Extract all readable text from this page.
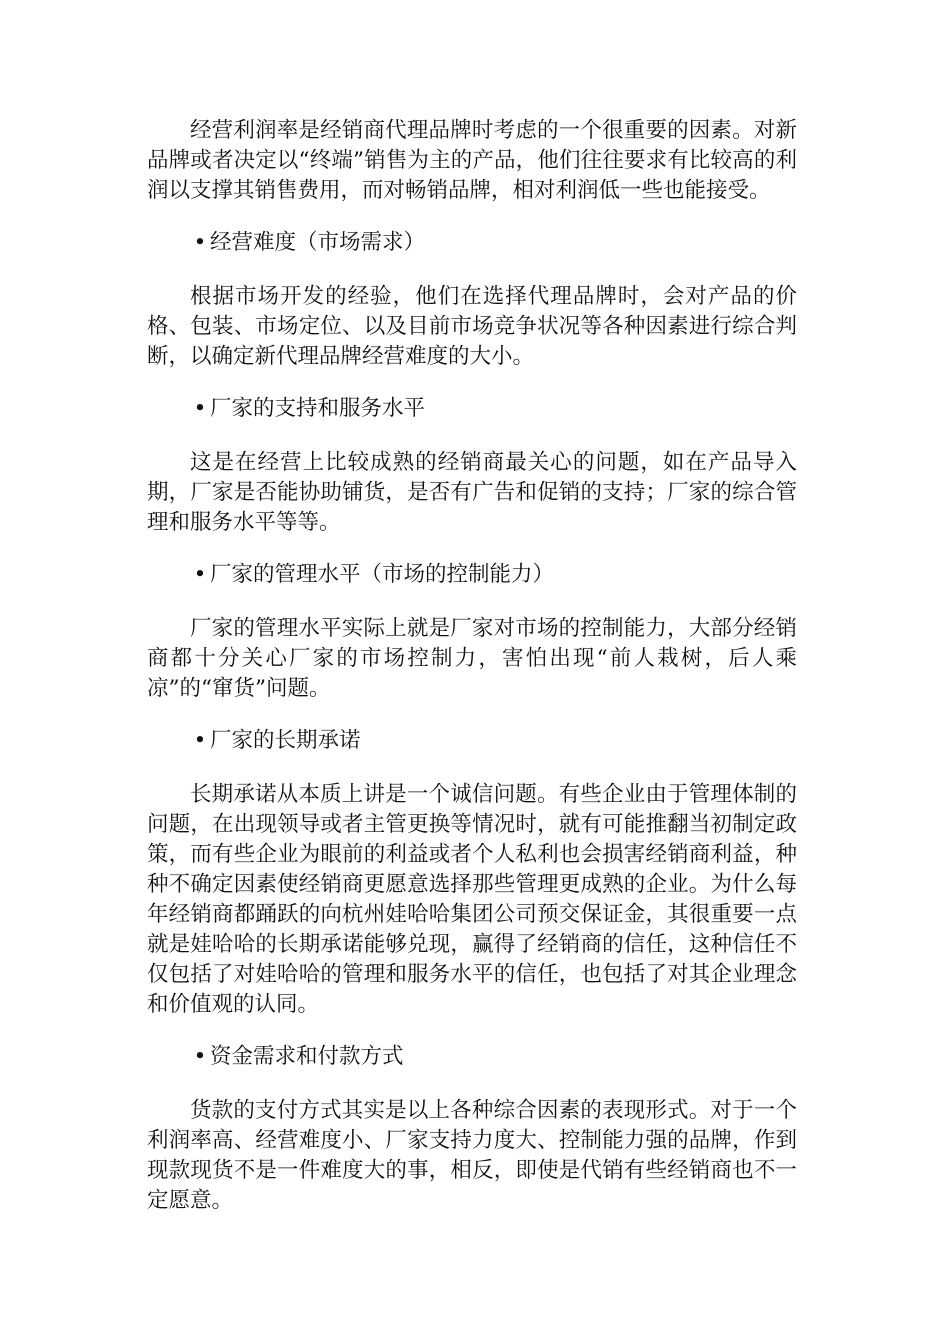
经营利润率是经销商代理品牌时考虑的一个很重要的因素。对新品牌或者决定以“终端”销售为主的产品，他们往往要求有比较高的利润以支撑其销售费用，而对畅销品牌，相对利润低一些也能接受。

• 经营难度（市场需求）

根据市场开发的经验，他们在选择代理品牌时，会对产品的价格、包装、市场定位、以及目前市场竞争状况等各种因素进行综合判断，以确定新代理品牌经营难度的大小。

• 厂家的支持和服务水平

这是在经营上比较成熟的经销商最关心的问题，如在产品导入期，厂家是否能协助铺货，是否有广告和促销的支持；厂家的综合管理和服务水平等等。

• 厂家的管理水平（市场的控制能力）

厂家的管理水平实际上就是厂家对市场的控制能力，大部分经销商都十分关心厂家的市场控制力，害怕出现“前人栽树，后人乘凉”的“窜货”问题。

• 厂家的长期承诺

长期承诺从本质上讲是一个诚信问题。有些企业由于管理体制的问题，在出现领导或者主管更换等情况时，就有可能推翻当初制定政策，而有些企业为眼前的利益或者个人私利也会损害经销商利益，种种不确定因素使经销商更愿意选择那些管理更成熟的企业。为什么每年经销商都踊跃的向杭州娃哈哈集团公司预交保证金，其很重要一点就是娃哈哈的长期承诺能够兑现，赢得了经销商的信任，这种信任不仅包括了对娃哈哈的管理和服务水平的信任，也包括了对其企业理念和价值观的认同。

• 资金需求和付款方式

货款的支付方式其实是以上各种综合因素的表现形式。对于一个利润率高、经营难度小、厂家支持力度大、控制能力强的品牌，作到现款现货不是一件难度大的事，相反，即使是代销有些经销商也不一定愿意。
